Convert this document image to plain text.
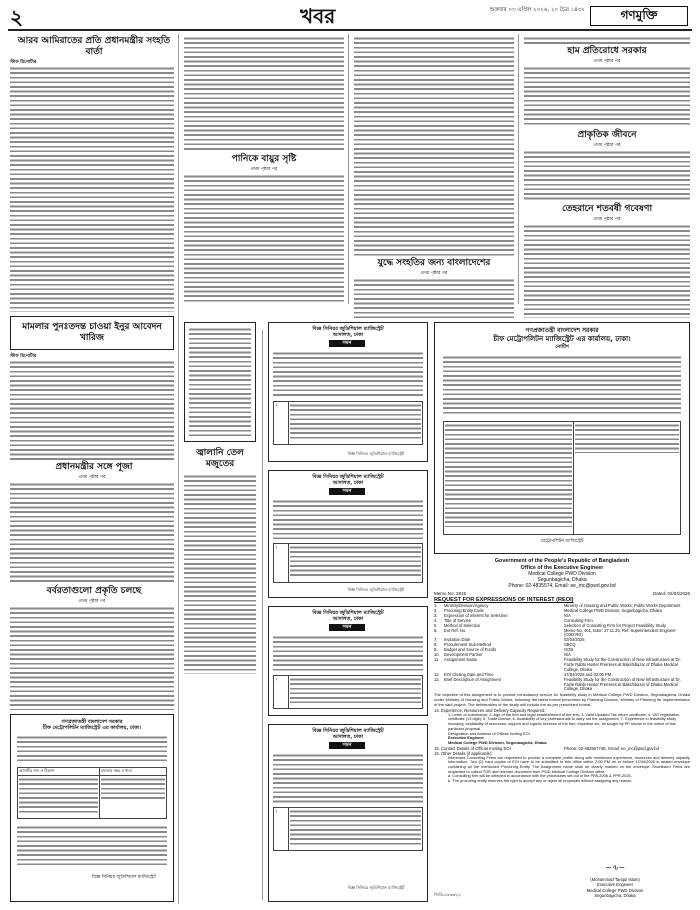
২	খবর	শুক্রবার ০৩ এপ্রিল ২০২৬, ২০ চৈত্র ১৪৩২	গণমুক্তি
আরব আমিরাতের প্রতি প্রধানমন্ত্রীর সংহতি বার্তা
স্টাফ রিপোর্টার
মামলার পুনঃতদন্ত চাওয়া ইনুর আবেদন খারিজ
স্টাফ রিপোর্টার
প্রধানমন্ত্রীর সঙ্গে পূজা
প্রথম পৃষ্ঠার পর
বর্বরতাগুলো প্রকৃতি চলছে
প্রথম পৃষ্ঠার পর
গণপ্রজাতন্ত্রী বাংলাদেশ সরকার
চীফ মেট্রোপলিটন ম্যাজিস্ট্রেট এর কার্যালয়, ঢাকা।
আসামীর নাম ও ঠিকানা	মামলার নম্বর ও ধারা

বিজ্ঞ সিনিয়র জুডিশিয়াল ম্যাজিস্ট্রেট
পানিকে বায়ুর সৃষ্টি
প্রথম পৃষ্ঠার পর
যুদ্ধে সংহতির জন্য বাংলাদেশের
প্রথম পৃষ্ঠার পর
হাম প্রতিরোধে সরকার
প্রথম পৃষ্ঠার পর
প্রাকৃতিক জীবনে
প্রথম পৃষ্ঠার পর
তেহরানে শতবর্ষী গবেষণা
প্রথম পৃষ্ঠার পর
জ্বালানি তেল মজুতের
বিজ্ঞ সিনিয়র জুডিশিয়াল ম্যাজিস্ট্রেট
আদালত, ঢাকা
সমন
২	
বিজ্ঞ সিনিয়র জুডিশিয়াল ম্যাজিস্ট্রেট
বিজ্ঞ সিনিয়র জুডিশিয়াল ম্যাজিস্ট্রেট
আদালত, ঢাকা
সমন
২	
বিজ্ঞ সিনিয়র জুডিশিয়াল ম্যাজিস্ট্রেট
বিজ্ঞ সিনিয়র জুডিশিয়াল ম্যাজিস্ট্রেট
আদালত, ঢাকা
সমন
২	
বিজ্ঞ সিনিয়র জুডিশিয়াল ম্যাজিস্ট্রেট
আদালত, ঢাকা
সমন
২	
বিজ্ঞ সিনিয়র জুডিশিয়াল ম্যাজিস্ট্রেট
গণপ্রজাতন্ত্রী বাংলাদেশ সরকার
চীফ মেট্রোপলিটন ম্যাজিস্ট্রেট এর কার্যালয়, ঢাকা।
নোটিশ

মেট্রোপলিটন ম্যাজিস্ট্রেট
Government of the People's Republic of Bangladesh
Office of the Executive Engineer
Medical College PWD Division
Segunbagicha, Dhaka
Phone: 02-4835574, Email: ee_mc@pwd.gov.bd
Memo No: 2815	Dated: 02/04/2026
REQUEST FOR EXPRESSIONS OF INTEREST (REOI)
1.	Ministry/Division/Agency	Ministry of Housing and Public Works; Public Works Department
2.	Procuring Entity Code	Medical College PWD Division, Segunbagicha, Dhaka
3.	Expression of Interest for Selection	N/A
4.	Title of Service	Consulting Firm
5.	Method of Selection	Selection of Consulting Firm for Project Feasibility Study
6.	EoI Ref. No.	Memo No. 401, Date: 27.11.25, Ref: Superintendent Engineer (CDD:RD)
7.	Invitation Date	03/04/2026
8.	Procurement Sub-Method	SBCQ
9.	Budget and Source of Funds	GOB
10.	Development Partner	N/A
11.	Assignment Name	Feasibility Study for the Construction of New Infrastructure at Dr. Fazle Rabbi Hostel Premises at Bakshibazar of Dhaka Medical College, Dhaka
12.	EOI Closing Date and Time	17/04/2026 and 02:00 PM
13.	Brief Description of Assignment	Feasibility Study for the Construction of New Infrastructure at Dr. Fazle Rabbi Hostel Premises at Bakshibazar of Dhaka Medical College, Dhaka
The objective of this assignment is to provide consultancy service for feasibility study in Medical College PWD Division, Segunbagicha, Dhaka under Ministry of Housing and Public Works, following the latest format prescribed by Planning Division, Ministry of Planning for implementation of the said project. The deliverables of the study will include the as per prescribed format.
14. Experience, Resources and Delivery Capacity Required:
1. Letter of submission; 2. Age of the firm and legal establishment of the firm; 3. Valid Updated Tax return certificate; 4. VAT registration certificate (13 digit); 5. Trade license; 6. Availability of key professionals to carry out the assignment; 7. Experience in feasibility study including; availability of resources; support and logistic services of the firm, expertise etc. all sought by PE shown in the notice of this particular proposal
Designation and Address of Official Inviting EOI
Executive Engineer
Medical College PWD Division, Segunbagicha, Dhaka.
15. Contact Details of Official Inviting EOI	Phone: 02-48355774E, Email: ee_mc@pwd.gov.bd
16. Other Details (if applicable):
Interested Consulting Firms are requested to provide a complete profile along with mentioned experience, resources and delivery capacity information. Two (2) hard copies of EOI have to be submitted to this office within 2:00 PM on or before 17/04/2026 in sealed envelope containing all the mentioned Procuring Entity. The Assignment name shall be clearly marked on the envelope. Shortlisted Firms are requested to collect TOR and relevant document from PWD Medical College Division office.
a. Consulting firm will be selected in accordance with the procedures set out in the PPA-2006 & PPR-2025.
b. The procuring entity reserves the right to accept any or reject all proposals without assigning any reason.
~∿~
(Mohammad Tariqul Islam)
Executive Engineer
Medical College PWD Division
Segunbagicha, Dhaka
জিডি-৪৩৩৬/২৪
